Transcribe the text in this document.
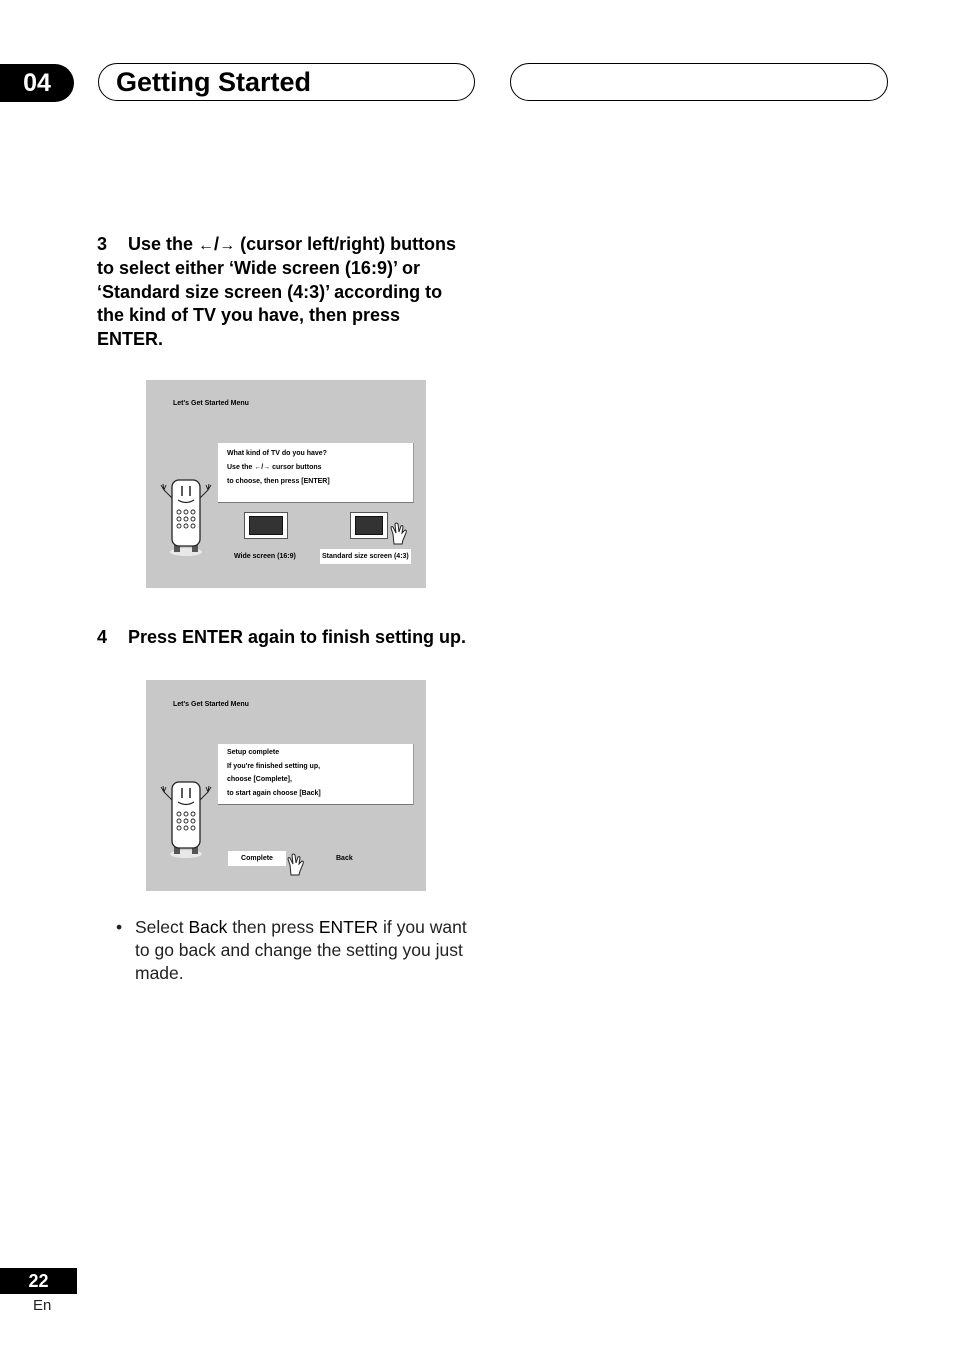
04	Getting Started
3 Use the ←/→ (cursor left/right) buttons to select either ‘Wide screen (16:9)’ or ‘Standard size screen (4:3)’ according to the kind of TV you have, then press ENTER.
Let's Get Started Menu
What kind of TV do you have?
Use the ←/→ cursor buttons
to choose, then press [ENTER]
Wide screen (16:9)	Standard size screen (4:3)
4 Press ENTER again to finish setting up.
Let's Get Started Menu
Setup complete
If you're finished setting up,
choose [Complete],
to start again choose [Back]
Complete	Back
• Select Back then press ENTER if you want to go back and change the setting you just made.
22
En
